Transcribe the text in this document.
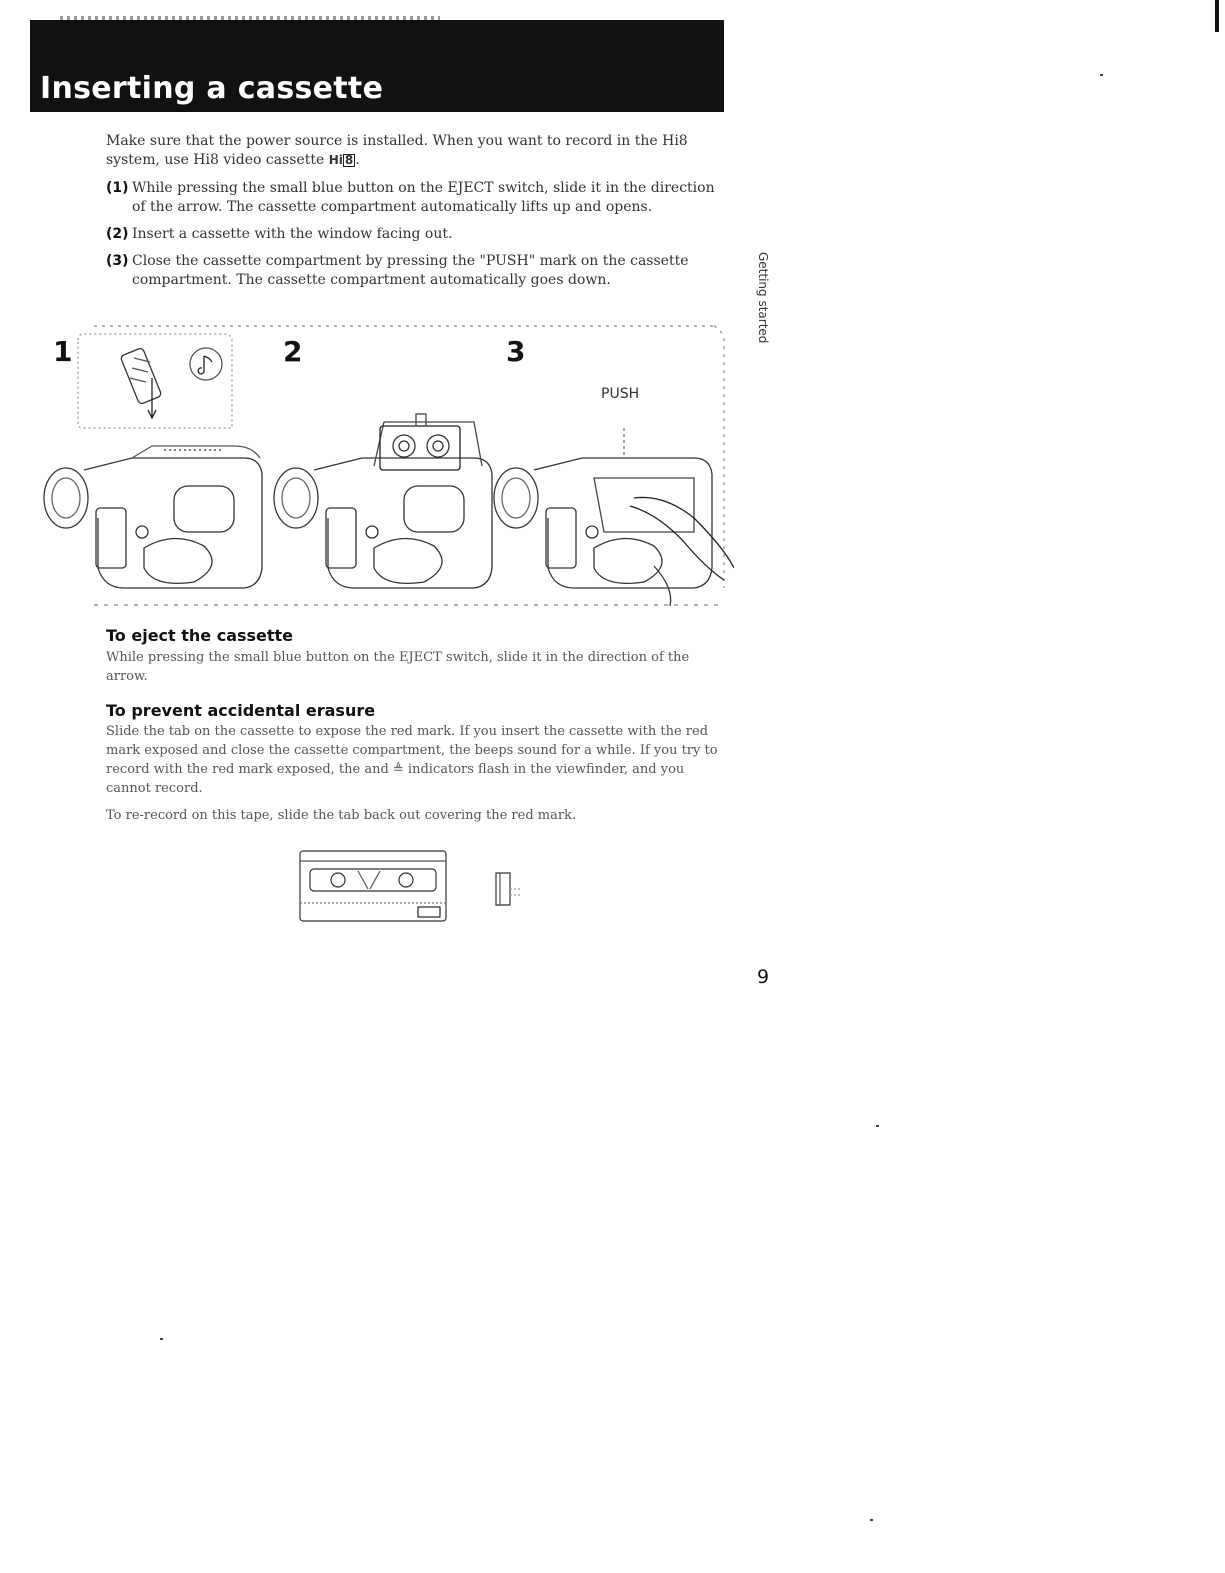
Inserting a cassette
Make sure that the power source is installed. When you want to record in the Hi8 system, use Hi8 video cassette Hi 8 .
(1) While pressing the small blue button on the EJECT switch, slide it in the direction of the arrow. The cassette compartment automatically lifts up and opens.
(2) Insert a cassette with the window facing out.
(3) Close the cassette compartment by pressing the "PUSH" mark on the cassette compartment. The cassette compartment automatically goes down.	Getting started
1	2	3
PUSH
To eject the cassette

While pressing the small blue button on the EJECT switch, slide it in the direction of the arrow.

To prevent accidental erasure

Slide the tab on the cassette to expose the red mark. If you insert the cassette with the red mark exposed and close the cassette compartment, the beeps sound for a while. If you try to record with the red mark exposed, the and ≜ indicators flash in the viewfinder, and you cannot record.

To re-record on this tape, slide the tab back out covering the red mark.

9
